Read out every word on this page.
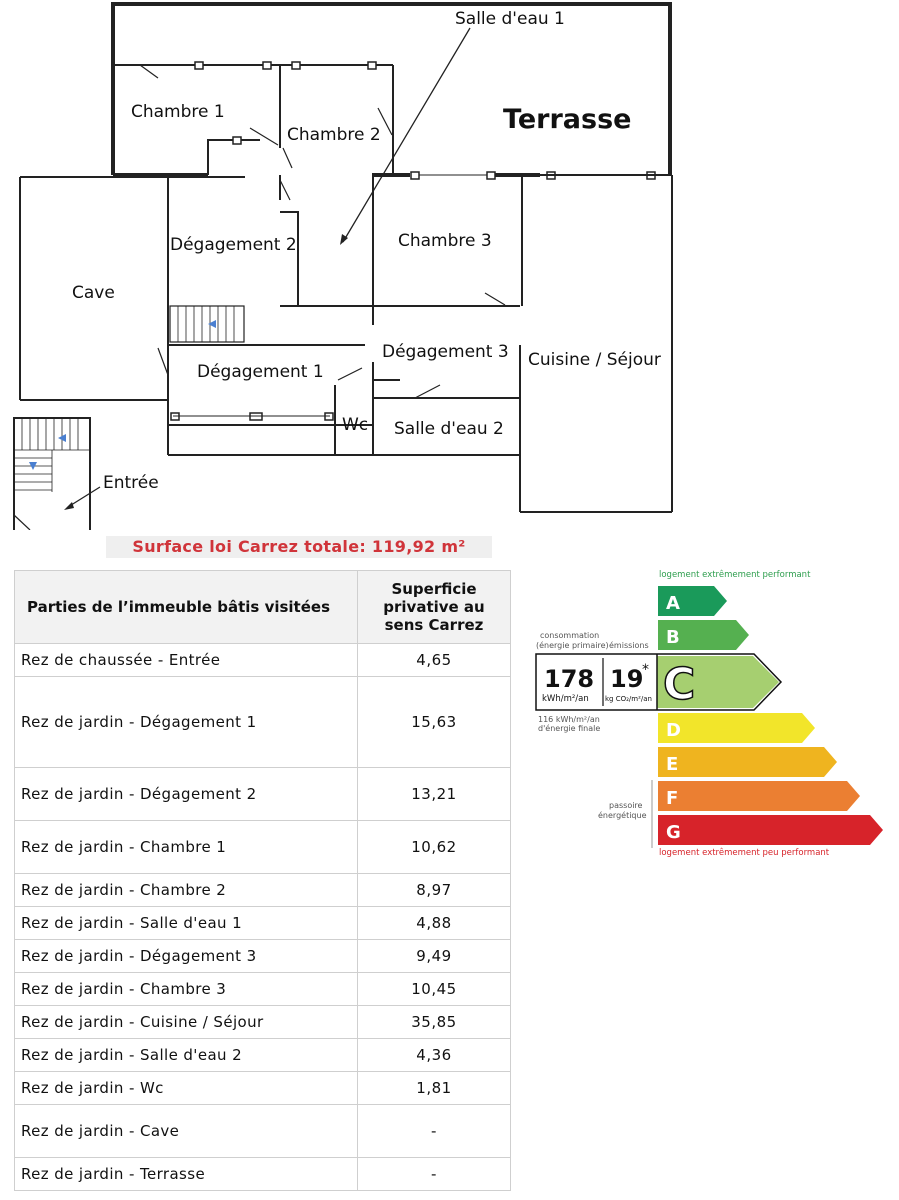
Salle d'eau 1
Terrasse
Chambre 1
Chambre 2
Dégagement 2	Chambre 3
Cave
Dégagement 3 Cuisine / Séjour
Dégagement 1
Wc Salle d'eau 2
Entrée
Surface loi Carrez totale: 119,92 m²
Parties de l’immeuble bâtis visitées	Superficie privative au sens Carrez
Rez de chaussée - Entrée	4,65
Rez de jardin - Dégagement 1	15,63
Rez de jardin - Dégagement 2	13,21
Rez de jardin - Chambre 1	10,62
Rez de jardin - Chambre 2	8,97
Rez de jardin - Salle d'eau 1	4,88
Rez de jardin - Dégagement 3	9,49
Rez de jardin - Chambre 3	10,45
Rez de jardin - Cuisine / Séjour	35,85
Rez de jardin - Salle d'eau 2	4,36
Rez de jardin - Wc	1,81
Rez de jardin - Cave	-
Rez de jardin - Terrasse	-
logement extrêmement performant
A
B
consommation
(énergie primaire) émissions
178
kWh/m²/an
19
*
kg CO₂/m²/an C
116 kWh/m²/an
d'énergie finale	D
E
passoire
énergétique
F
G
logement extrêmement peu performant
